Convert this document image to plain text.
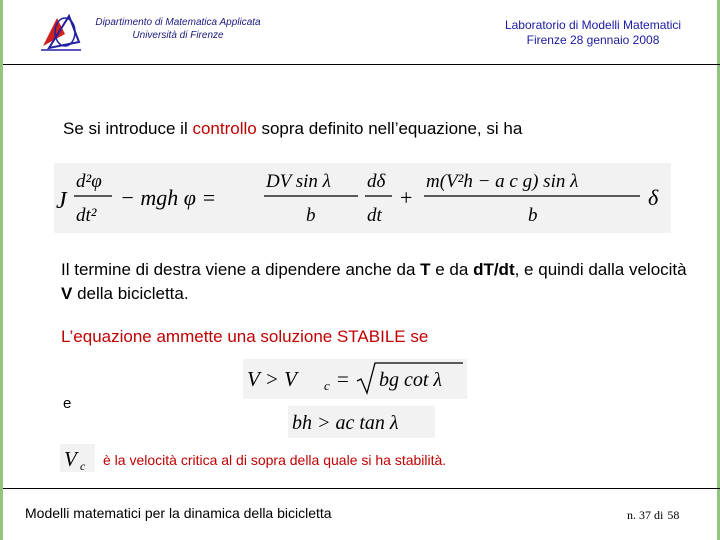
Dipartimento di Matematica Applicata
Università di Firenze
Laboratorio di Modelli Matematici
Firenze 28 gennaio 2008
Se si introduce il controllo sopra definito nell’equazione, si ha
J
d²φ
dt²
− mgh φ =
DV sin λ
b
dδ
dt
+
m(V²h − a c g) sin λ
b
δ
Il termine di destra viene a dipendere anche da T e da dT/dt, e quindi dalla velocità V della bicicletta.
L’equazione ammette una soluzione STABILE se
V > V c = bg cot λ
e
bh > ac tan λ
V c è la velocità critica al di sopra della quale si ha stabilità.
Modelli matematici per la dinamica della bicicletta	n. 37 di 58
